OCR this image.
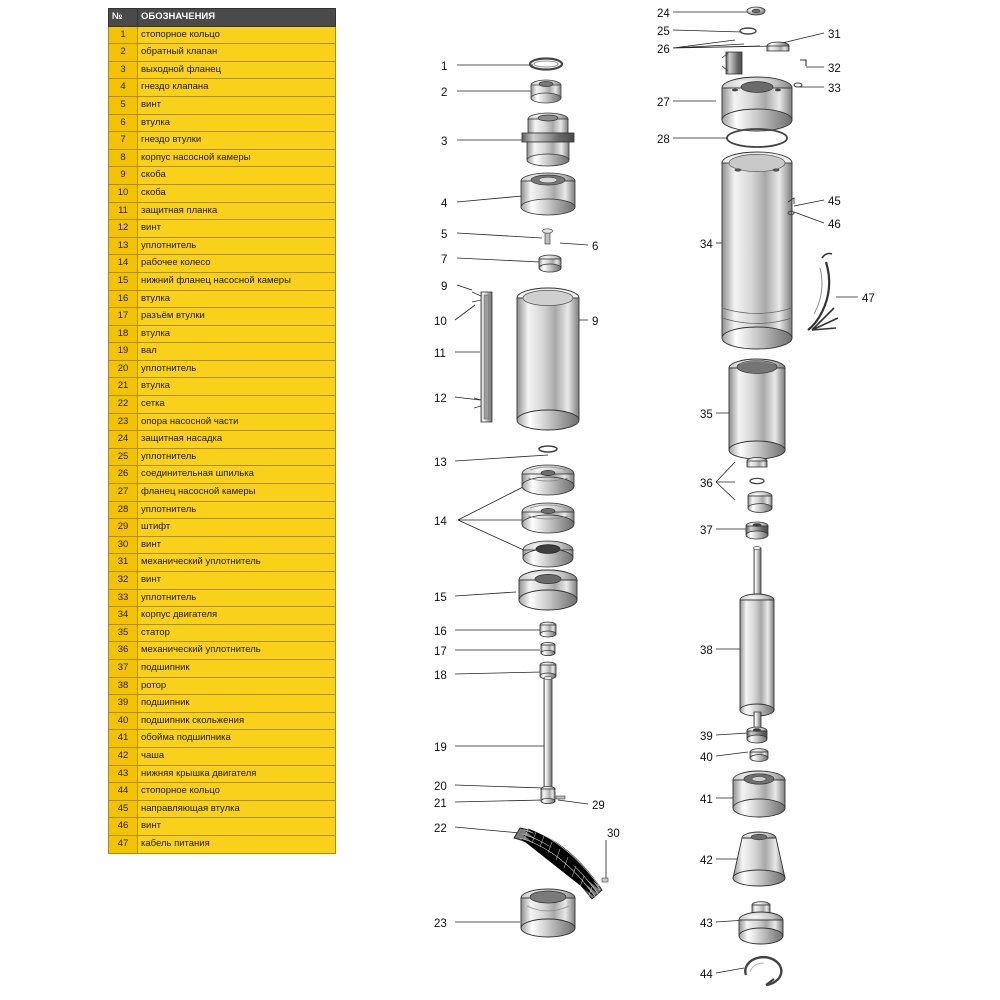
№	ОБОЗНАЧЕНИЯ
1	стопорное кольцо
2	обратный клапан
3	выходной фланец
4	гнездо клапана
5	винт
6	втулка
7	гнездо втулки
8	корпус насосной камеры
9	скоба
10	скоба
11	защитная планка
12	винт
13	уплотнитель
14	рабочее колесо
15	нижний фланец насосной камеры
16	втулка
17	разъём втулки
18	втулка
19	вал
20	уплотнитель
21	втулка
22	сетка
23	опора насосной части
24	защитная насадка
25	уплотнитель
26	соединительная шпилька
27	фланец насосной камеры
28	уплотнитель
29	штифт
30	винт
31	механический уплотнитель
32	винт
33	уплотнитель
34	корпус двигателя
35	статор
36	механический уплотнитель
37	подшипник
38	ротор
39	подшипник
40	подшипник скольжения
41	обойма подшипника
42	чаша
43	нижняя крышка двигателя
44	стопорное кольцо
45	направляющая втулка
46	винт
47	кабель питания
1
2
3
4
5
6
7
9
10	9
11
12
13
14
15
16
17
18
19
20
21
22
29
30
23
24
25
26
31
32
33
27
28
45
46
34
47
35
36
37
38
39
40
41
42
43
44
